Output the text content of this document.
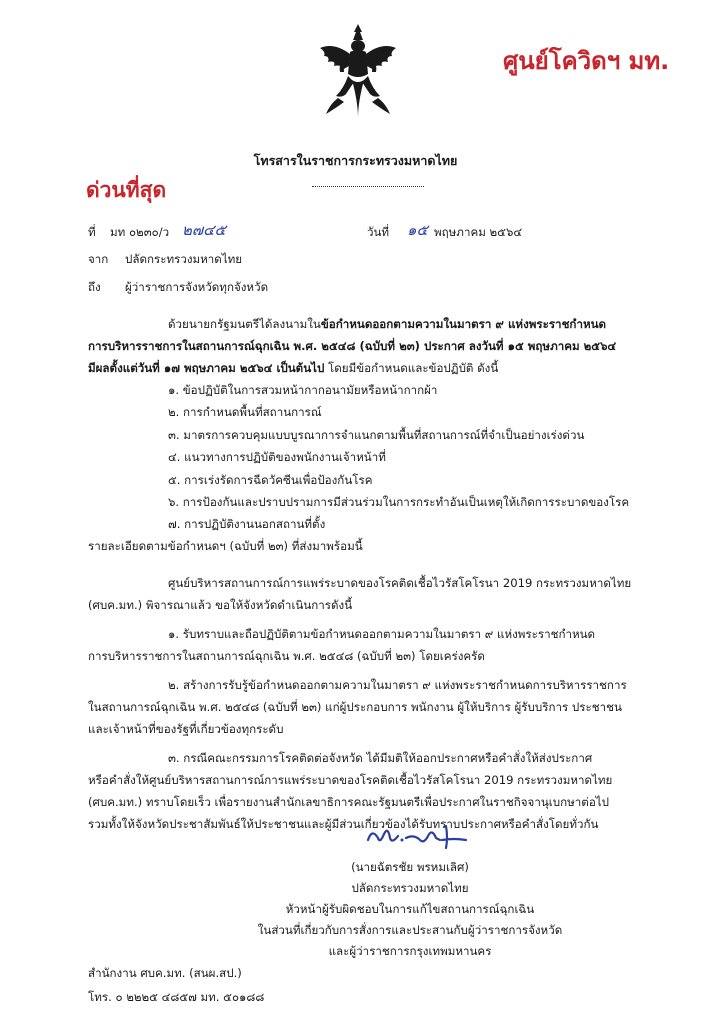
ศูนย์โควิดฯ มท.
โทรสารในราชการกระทรวงมหาดไทย
ด่วนที่สุด
ที่ มท ๐๒๓๐/ว ๒๗๔๕	วันที่ ๑๕ พฤษภาคม ๒๕๖๔
จาก ปลัดกระทรวงมหาดไทย
ถึง ผู้ว่าราชการจังหวัดทุกจังหวัด
ด้วยนายกรัฐมนตรีได้ลงนามในข้อกำหนดออกตามความในมาตรา ๙ แห่งพระราชกำหนด
การบริหารราชการในสถานการณ์ฉุกเฉิน พ.ศ. ๒๕๔๘ (ฉบับที่ ๒๓) ประกาศ ลงวันที่ ๑๕ พฤษภาคม ๒๕๖๔
มีผลตั้งแต่วันที่ ๑๗ พฤษภาคม ๒๕๖๔ เป็นต้นไป โดยมีข้อกำหนดและข้อปฏิบัติ ดังนี้
๑. ข้อปฏิบัติในการสวมหน้ากากอนามัยหรือหน้ากากผ้า
๒. การกำหนดพื้นที่สถานการณ์
๓. มาตรการควบคุมแบบบูรณาการจำแนกตามพื้นที่สถานการณ์ที่จำเป็นอย่างเร่งด่วน
๔. แนวทางการปฏิบัติของพนักงานเจ้าหน้าที่
๕. การเร่งรัดการฉีดวัคซีนเพื่อป้องกันโรค
๖. การป้องกันและปราบปรามการมีส่วนร่วมในการกระทำอันเป็นเหตุให้เกิดการระบาดของโรค
๗. การปฏิบัติงานนอกสถานที่ตั้ง
รายละเอียดตามข้อกำหนดฯ (ฉบับที่ ๒๓) ที่ส่งมาพร้อมนี้
ศูนย์บริหารสถานการณ์การแพร่ระบาดของโรคติดเชื้อไวรัสโคโรนา 2019 กระทรวงมหาดไทย
(ศบค.มท.) พิจารณาแล้ว ขอให้จังหวัดดำเนินการดังนี้
๑. รับทราบและถือปฏิบัติตามข้อกำหนดออกตามความในมาตรา ๙ แห่งพระราชกำหนด
การบริหารราชการในสถานการณ์ฉุกเฉิน พ.ศ. ๒๕๔๘ (ฉบับที่ ๒๓) โดยเคร่งครัด
๒. สร้างการรับรู้ข้อกำหนดออกตามความในมาตรา ๙ แห่งพระราชกำหนดการบริหารราชการ
ในสถานการณ์ฉุกเฉิน พ.ศ. ๒๕๔๘ (ฉบับที่ ๒๓) แก่ผู้ประกอบการ พนักงาน ผู้ให้บริการ ผู้รับบริการ ประชาชน
และเจ้าหน้าที่ของรัฐที่เกี่ยวข้องทุกระดับ
๓. กรณีคณะกรรมการโรคติดต่อจังหวัด ได้มีมติให้ออกประกาศหรือคำสั่งให้ส่งประกาศ
หรือคำสั่งให้ศูนย์บริหารสถานการณ์การแพร่ระบาดของโรคติดเชื้อไวรัสโคโรนา 2019 กระทรวงมหาดไทย
(ศบค.มท.) ทราบโดยเร็ว เพื่อรายงานสำนักเลขาธิการคณะรัฐมนตรีเพื่อประกาศในราชกิจจานุเบกษาต่อไป
รวมทั้งให้จังหวัดประชาสัมพันธ์ให้ประชาชนและผู้มีส่วนเกี่ยวข้องได้รับทราบประกาศหรือคำสั่งโดยทั่วกัน
(นายฉัตรชัย พรหมเลิศ)
ปลัดกระทรวงมหาดไทย
หัวหน้าผู้รับผิดชอบในการแก้ไขสถานการณ์ฉุกเฉิน
ในส่วนที่เกี่ยวกับการสั่งการและประสานกับผู้ว่าราชการจังหวัด
และผู้ว่าราชการกรุงเทพมหานคร
สำนักงาน ศบค.มท. (สนผ.สป.)
โทร. ๐ ๒๒๒๕ ๔๘๕๗ มท. ๕๐๑๘๘
